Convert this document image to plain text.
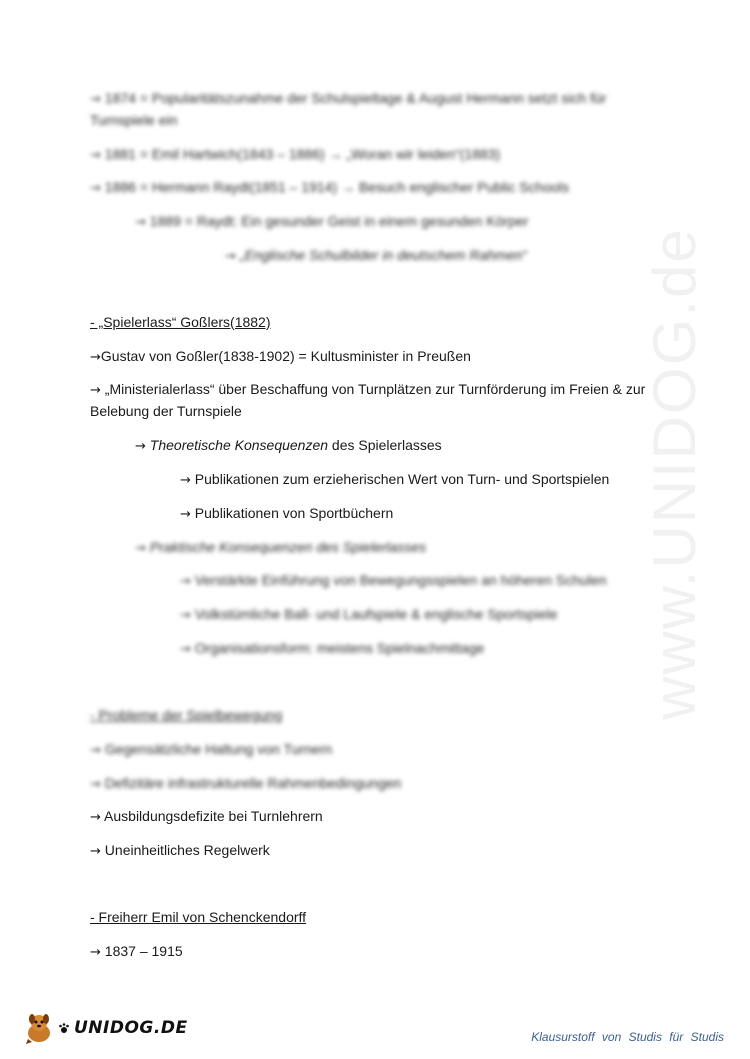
www.UNIDOG.de
→ 1874 = Popularitätszunahme der Schulspieltage & August Hermann setzt sich für Turnspiele ein
→ 1881 = Emil Hartwich(1843 – 1886) → „Woran wir leiden“(1883)
→ 1886 = Hermann Raydt(1851 – 1914) → Besuch englischer Public Schools
→ 1889 = Raydt: Ein gesunder Geist in einem gesunden Körper
→ „Englische Schulbilder in deutschem Rahmen“
- „Spielerlass“ Goßlers(1882)
→Gustav von Goßler(1838-1902) = Kultusminister in Preußen
→ „Ministerialerlass“ über Beschaffung von Turnplätzen zur Turnförderung im Freien & zur Belebung der Turnspiele
→ Theoretische Konsequenzen des Spielerlasses
→ Publikationen zum erzieherischen Wert von Turn- und Sportspielen
→ Publikationen von Sportbüchern
→ Praktische Konsequenzen des Spielerlasses
→ Verstärkte Einführung von Bewegungsspielen an höheren Schulen
→ Volkstümliche Ball- und Laufspiele & englische Sportspiele
→ Organisationsform: meistens Spielnachmittage
- Probleme der Spielbewegung
→ Gegensätzliche Haltung von Turnern
→ Defizitäre infrastrukturelle Rahmenbedingungen
→ Ausbildungsdefizite bei Turnlehrern
→ Uneinheitliches Regelwerk
- Freiherr Emil von Schenckendorff
→ 1837 – 1915
UNIDOG.DE	Klausurstoff von Studis für Studis
